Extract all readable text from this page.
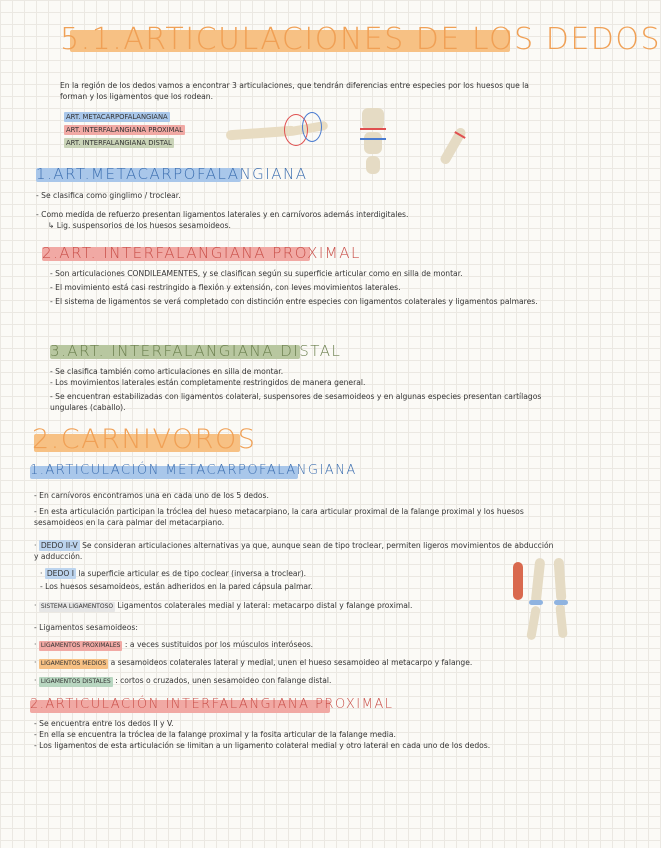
5.1.ARTICULACIONES DE LOS DEDOS
En la región de los dedos vamos a encontrar 3 articulaciones, que tendrán diferencias entre especies por los huesos que la forman y los ligamentos que los rodean.
ART. METACARPOFALANGIANA
ART. INTERFALANGIANA PROXIMAL
ART. INTERFALANGIANA DISTAL
1.ART.METACARPOFALANGIANA
- Se clasifica como ginglimo / troclear.
- Como medida de refuerzo presentan ligamentos laterales y en carnívoros además interdigitales.
↳ Lig. suspensorios de los huesos sesamoideos.
2.ART. INTERFALANGIANA PROXIMAL
- Son articulaciones CONDILEAMENTES, y se clasifican según su superficie articular como en silla de montar.
- El movimiento está casi restringido a flexión y extensión, con leves movimientos laterales.
- El sistema de ligamentos se verá completado con distinción entre especies con ligamentos colaterales y ligamentos palmares.
3.ART. INTERFALANGIANA DISTAL
- Se clasifica también como articulaciones en silla de montar.
- Los movimientos laterales están completamente restringidos de manera general.
- Se encuentran estabilizadas con ligamentos colateral, suspensores de sesamoideos y en algunas especies presentan cartílagos ungulares (caballo).
2.CARNIVOROS
1.ARTICULACIÓN METACARPOFALANGIANA
- En carnívoros encontramos una en cada uno de los 5 dedos.
- En esta articulación participan la tróclea del hueso metacarpiano, la cara articular proximal de la falange proximal y los huesos sesamoideos en la cara palmar del metacarpiano.
· DEDO II-V Se consideran articulaciones alternativas ya que, aunque sean de tipo troclear, permiten ligeros movimientos de abducción y adducción.
· DEDO I la superficie articular es de tipo coclear (inversa a troclear).
- Los huesos sesamoideos, están adheridos en la pared cápsula palmar.
· SISTEMA LIGAMENTOSO Ligamentos colaterales medial y lateral: metacarpo distal y falange proximal.
- Ligamentos sesamoideos:
· LIGAMENTOS PROXIMALES : a veces sustituidos por los músculos interóseos.
· LIGAMENTOS MEDIOS a sesamoideos colaterales lateral y medial, unen el hueso sesamoideo al metacarpo y falange.
· LIGAMENTOS DISTALES : cortos o cruzados, unen sesamoideo con falange distal.
2.ARTICULACIÓN INTERFALANGIANA PROXIMAL
- Se encuentra entre los dedos II y V.
- En ella se encuentra la tróclea de la falange proximal y la fosita articular de la falange media.
- Los ligamentos de esta articulación se limitan a un ligamento colateral medial y otro lateral en cada uno de los dedos.
